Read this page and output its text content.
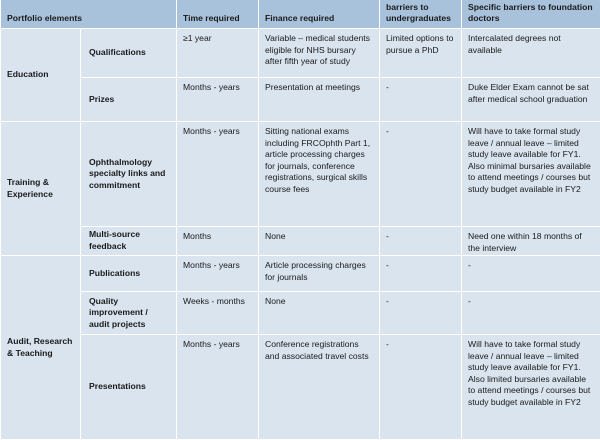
Portfolio elements		Time required	Finance required	barriers to undergraduates	Specific barriers to foundation doctors
Education	Qualifications	≥1 year	Variable – medical students eligible for NHS bursary after fifth year of study	Limited options to pursue a PhD	Intercalated degrees not available
	Prizes	Months - years	Presentation at meetings	-	Duke Elder Exam cannot be sat after medical school graduation
Training & Experience	Ophthalmology specialty links and commitment	Months - years	Sitting national exams including FRCOphth Part 1, article processing charges for journals, conference registrations, surgical skills course fees	-	Will have to take formal study leave / annual leave – limited study leave available for FY1. Also minimal bursaries available to attend meetings / courses but study budget available in FY2
	Multi-source feedback	Months	None	-	Need one within 18 months of the interview
Audit, Research & Teaching	Publications	Months - years	Article processing charges for journals	-	-
	Quality improvement / audit projects	Weeks - months	None	-	-
	Presentations	Months - years	Conference registrations and associated travel costs	-	Will have to take formal study leave / annual leave – limited study leave available for FY1. Also limited bursaries available to attend meetings / courses but study budget available in FY2
